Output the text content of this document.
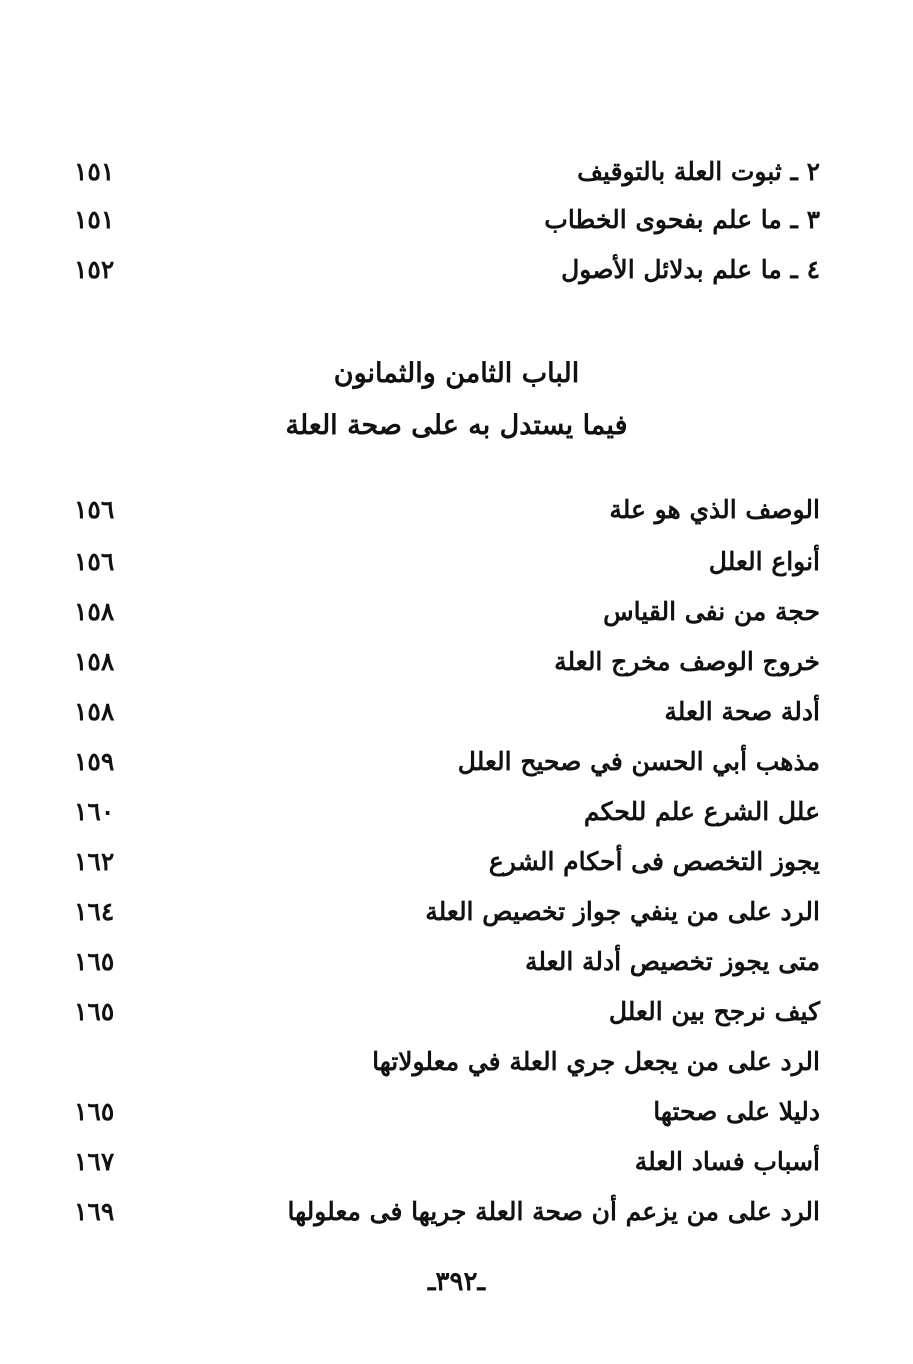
٢ ـ ثبوت العلة بالتوقيف
١٥١
٣ ـ ما علم بفحوى الخطاب
١٥١
٤ ـ ما علم بدلائل الأصول
١٥٢
الباب الثامن والثمانون
فيما يستدل به على صحة العلة
الوصف الذي هو علة
١٥٦
أنواع العلل
١٥٦
حجة من نفى القياس
١٥٨
خروج الوصف مخرج العلة
١٥٨
أدلة صحة العلة
١٥٨
مذهب أبي الحسن في صحيح العلل
١٥٩
علل الشرع علم للحكم
١٦٠
يجوز التخصص فى أحكام الشرع
١٦٢
الرد على من ينفي جواز تخصيص العلة
١٦٤
متى يجوز تخصيص أدلة العلة
١٦٥
كيف نرجح بين العلل
١٦٥
الرد على من يجعل جري العلة في معلولاتها
دليلا على صحتها
١٦٥
أسباب فساد العلة
١٦٧
الرد على من يزعم أن صحة العلة جريها فى معلولها
١٦٩
ـ٣٩٢ـ
